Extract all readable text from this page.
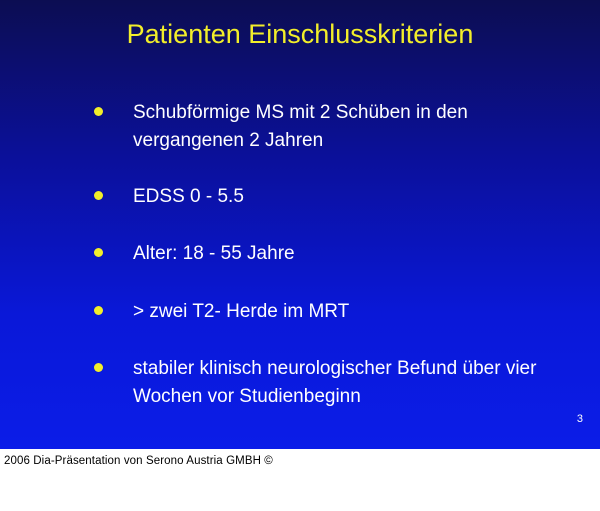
Patienten Einschlusskriterien
Schubförmige MS mit 2 Schüben in den vergangenen 2 Jahren
EDSS 0 - 5.5
Alter: 18 - 55 Jahre
> zwei T2- Herde im MRT
stabiler klinisch neurologischer Befund über vier Wochen vor Studienbeginn
3
2006 Dia-Präsentation von Serono Austria GMBH ©
